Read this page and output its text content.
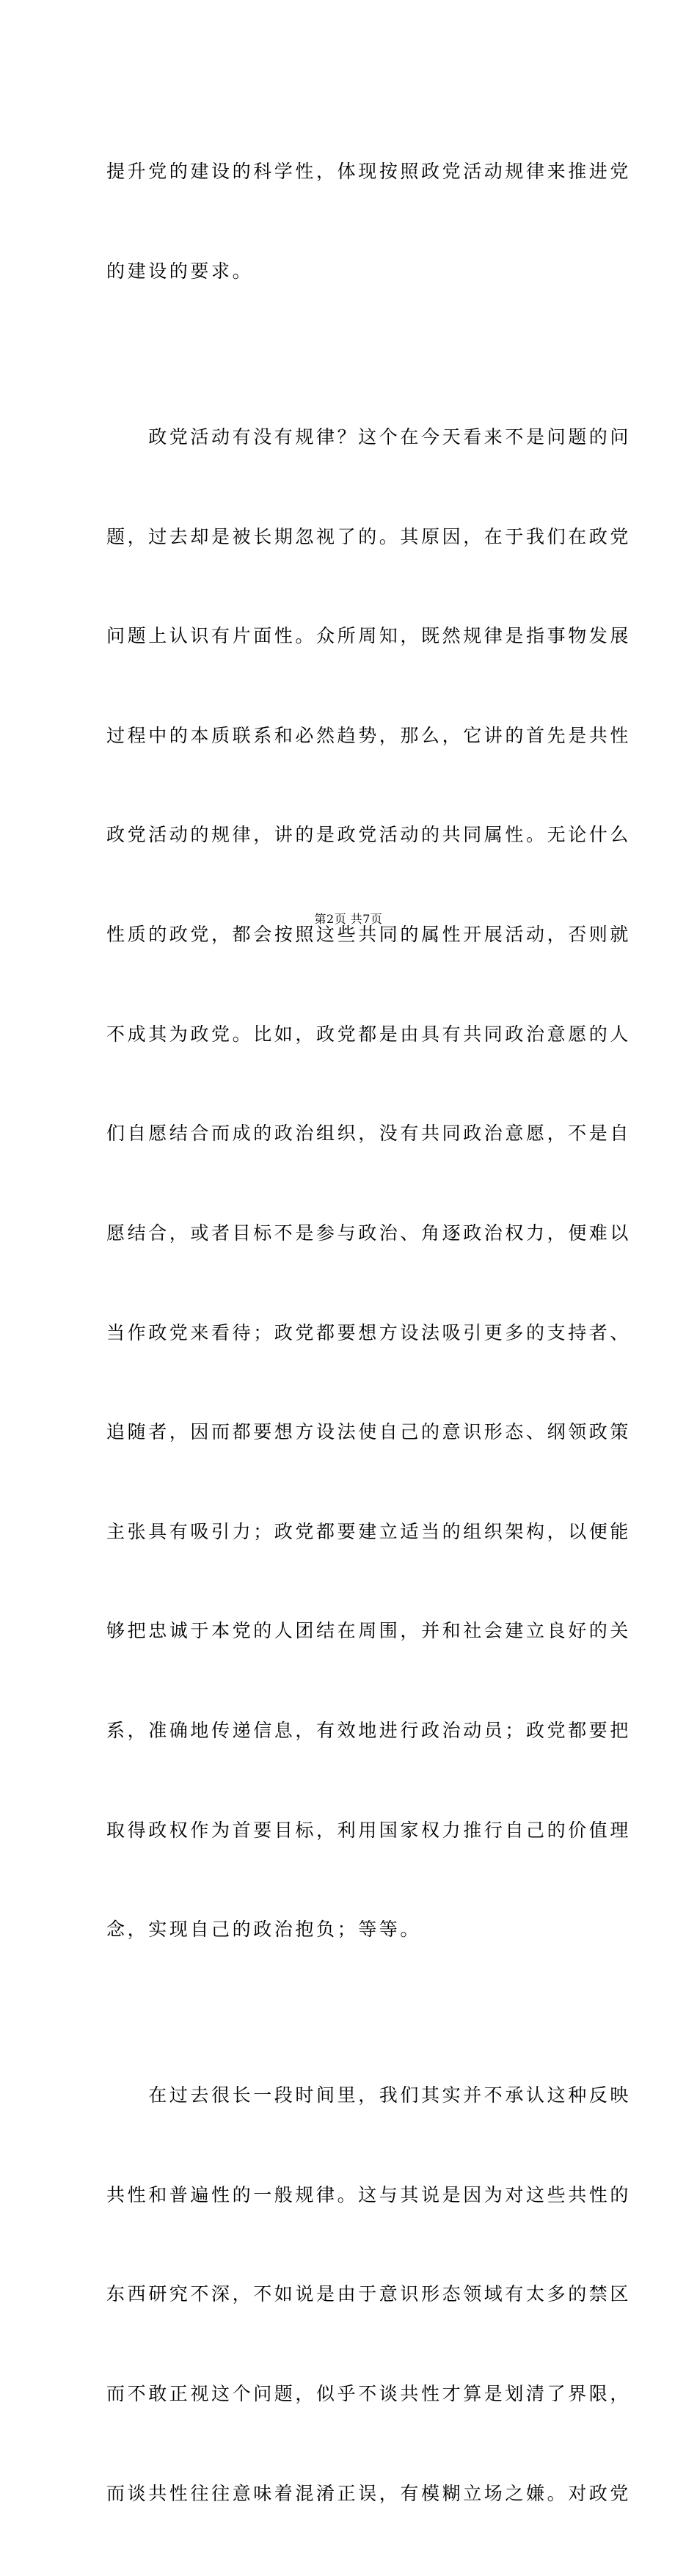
提升党的建设的科学性，体现按照政党活动规律来推进党

的建设的要求。

　　政党活动有没有规律？这个在今天看来不是问题的问

题，过去却是被长期忽视了的。其原因，在于我们在政党

问题上认识有片面性。众所周知，既然规律是指事物发展

过程中的本质联系和必然趋势，那么，它讲的首先是共性

政党活动的规律，讲的是政党活动的共同属性。无论什么

性质的政党，都会按照这些共同的属性开展活动，否则就

不成其为政党。比如，政党都是由具有共同政治意愿的人

们自愿结合而成的政治组织，没有共同政治意愿，不是自

愿结合，或者目标不是参与政治、角逐政治权力，便难以

当作政党来看待；政党都要想方设法吸引更多的支持者、

追随者，因而都要想方设法使自己的意识形态、纲领政策

主张具有吸引力；政党都要建立适当的组织架构，以便能

够把忠诚于本党的人团结在周围，并和社会建立良好的关

系，准确地传递信息，有效地进行政治动员；政党都要把

取得政权作为首要目标，利用国家权力推行自己的价值理

念，实现自己的政治抱负；等等。

　　在过去很长一段时间里，我们其实并不承认这种反映

共性和普遍性的一般规律。这与其说是因为对这些共性的

东西研究不深，不如说是由于意识形态领域有太多的禁区

而不敢正视这个问题，似乎不谈共性才算是划清了界限，

而谈共性往往意味着混淆正误，有模糊立场之嫌。对政党

第2页 共7页
